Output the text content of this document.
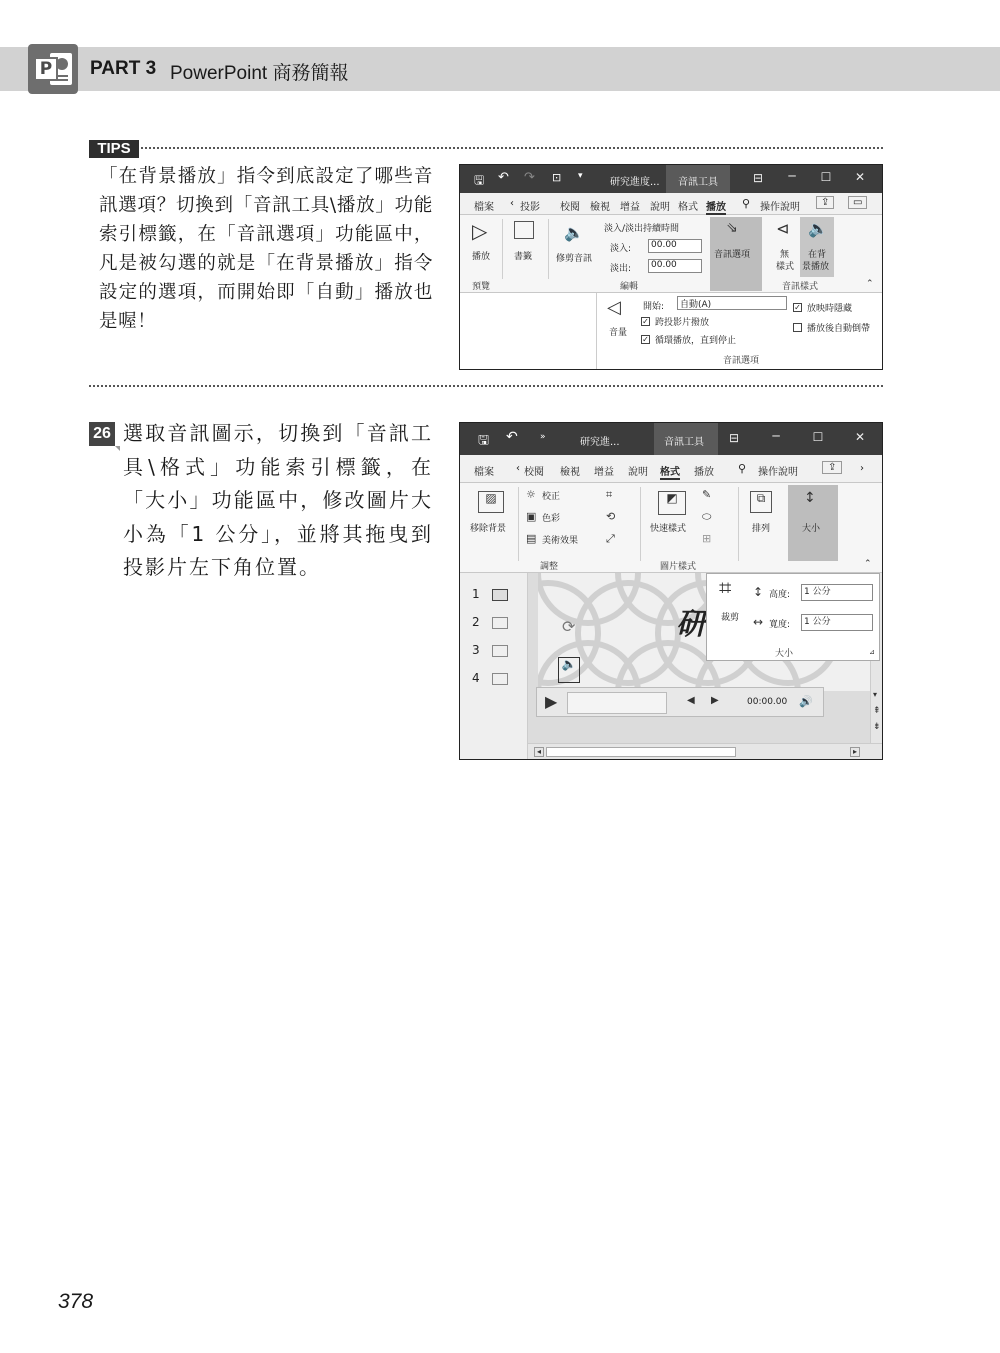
P	PART 3 PowerPoint 商務簡報
TIPS
「在背景播放」指令到底設定了哪些音訊選項？切換到「音訊工具\播放」功能索引標籤，在「音訊選項」功能區中，凡是被勾選的就是「在背景播放」指令設定的選項，而開始即「自動」播放也是喔！
🖫 ↶ ↷ ⊡ ▾
研究進度... 音訊工具	⊟	─	☐	✕
檔案 ‹ 投影 校閱 檢視 增益 說明 格式 播放 ⚲ 操作說明	⇪	▭
▷
播放	書籤
🔈
修剪音訊
淡入/淡出持續時間
淡入:	00.00
淡出:	00.00
⇘
音訊選項
⊲
無
樣式
🔈
在背
景播放
預覽	編輯	音訊樣式	⌃
◁
音量
開始:	自動(A)
✓ 跨投影片撥放
✓ 循環播放，直到停止
✓ 放映時隱藏
播放後自動倒帶
音訊選項
26 選取音訊圖示，切換到「音訊工具\格式」功能索引標籤，在「大小」功能區中，修改圖片大小為「1 公分」，並將其拖曳到投影片左下角位置。
🖫 ↶ »	研究進...	音訊工具	⊟	─	☐	✕
檔案 ‹ 校閱 檢視 增益 說明 格式 播放 ⚲ 操作說明	⇪	›
▨
移除背景
☼ 校正
▣ 色彩
▤ 美術效果
⌗
⟲
⤢
◩
快速樣式
✎
⬭
⊞
⧉
排列
↕
大小
調整	圖片樣式	⌃
1
2
3
4
研
⟳
🔈
▶	◀︎ ▶︎	00:00.00 🔊
▾
⇞
⇟
◂	▸
⌗
裁剪
↕ 高度:	1 公分
↔ 寬度:	1 公分
大小	⊿
378
